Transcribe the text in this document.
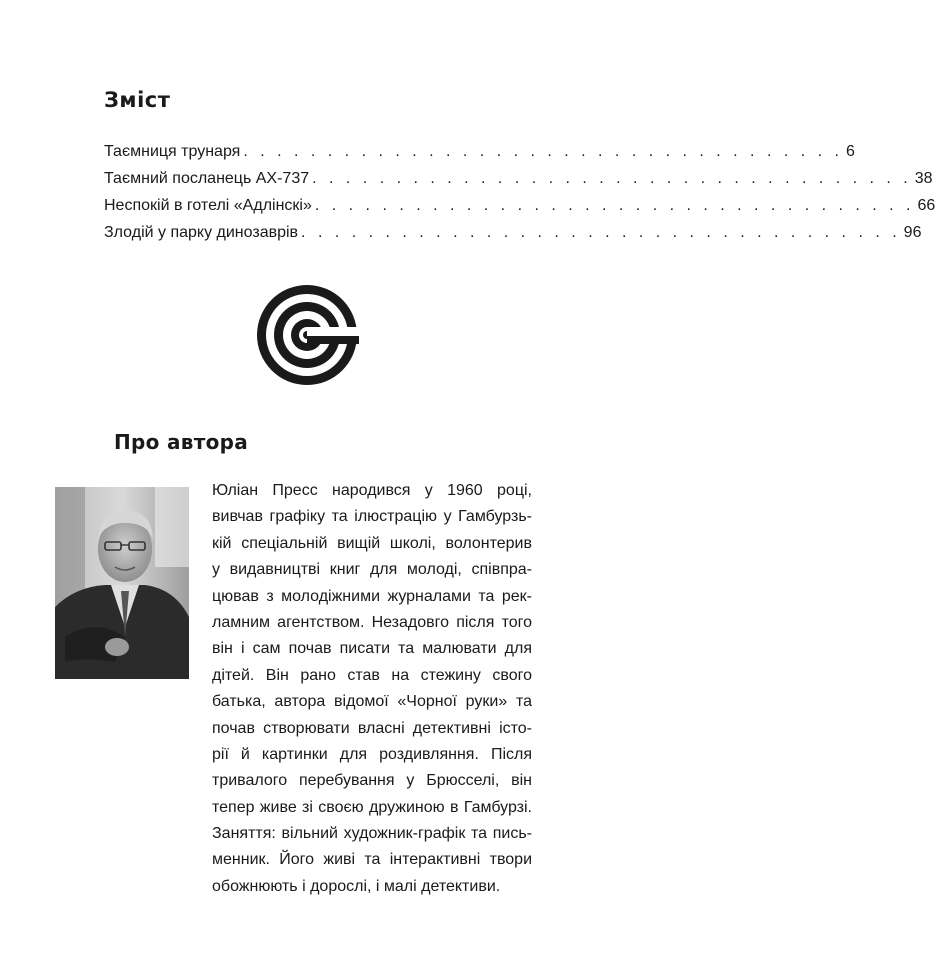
Зміст
Таємниця трунаря . . . . . . . . . . . . . . . . . . . . . . . . . . . . . . . . . . . . 6
Таємний посланець АХ-737 . . . . . . . . . . . . . . . . . . . . . . . . . . . . . . . . . . . . 38
Неспокій в готелі «Адлінскі» . . . . . . . . . . . . . . . . . . . . . . . . . . . . . . . . . . . . 66
Злодій у парку динозаврів . . . . . . . . . . . . . . . . . . . . . . . . . . . . . . . . . . . . 96
Про автора
Юліан Пресс народився у 1960 році,
вивчав графіку та ілюстрацію у Гамбурзь-
кій спеціальній вищій школі, волонтерив
у видавництві книг для молоді, співпра-
цював з молодіжними журналами та рек-
ламним агентством. Незадовго після того
він і сам почав писати та малювати для
дітей. Він рано став на стежину свого
батька, автора відомої «Чорної руки» та
почав створювати власні детективні істо-
рії й картинки для роздивляння. Після
тривалого перебування у Брюсселі, він
тепер живе зі своєю дружиною в Гамбурзі.
Заняття: вільний художник-графік та пись-
менник. Його живі та інтерактивні твори
обожнюють і дорослі, і малі детективи.
